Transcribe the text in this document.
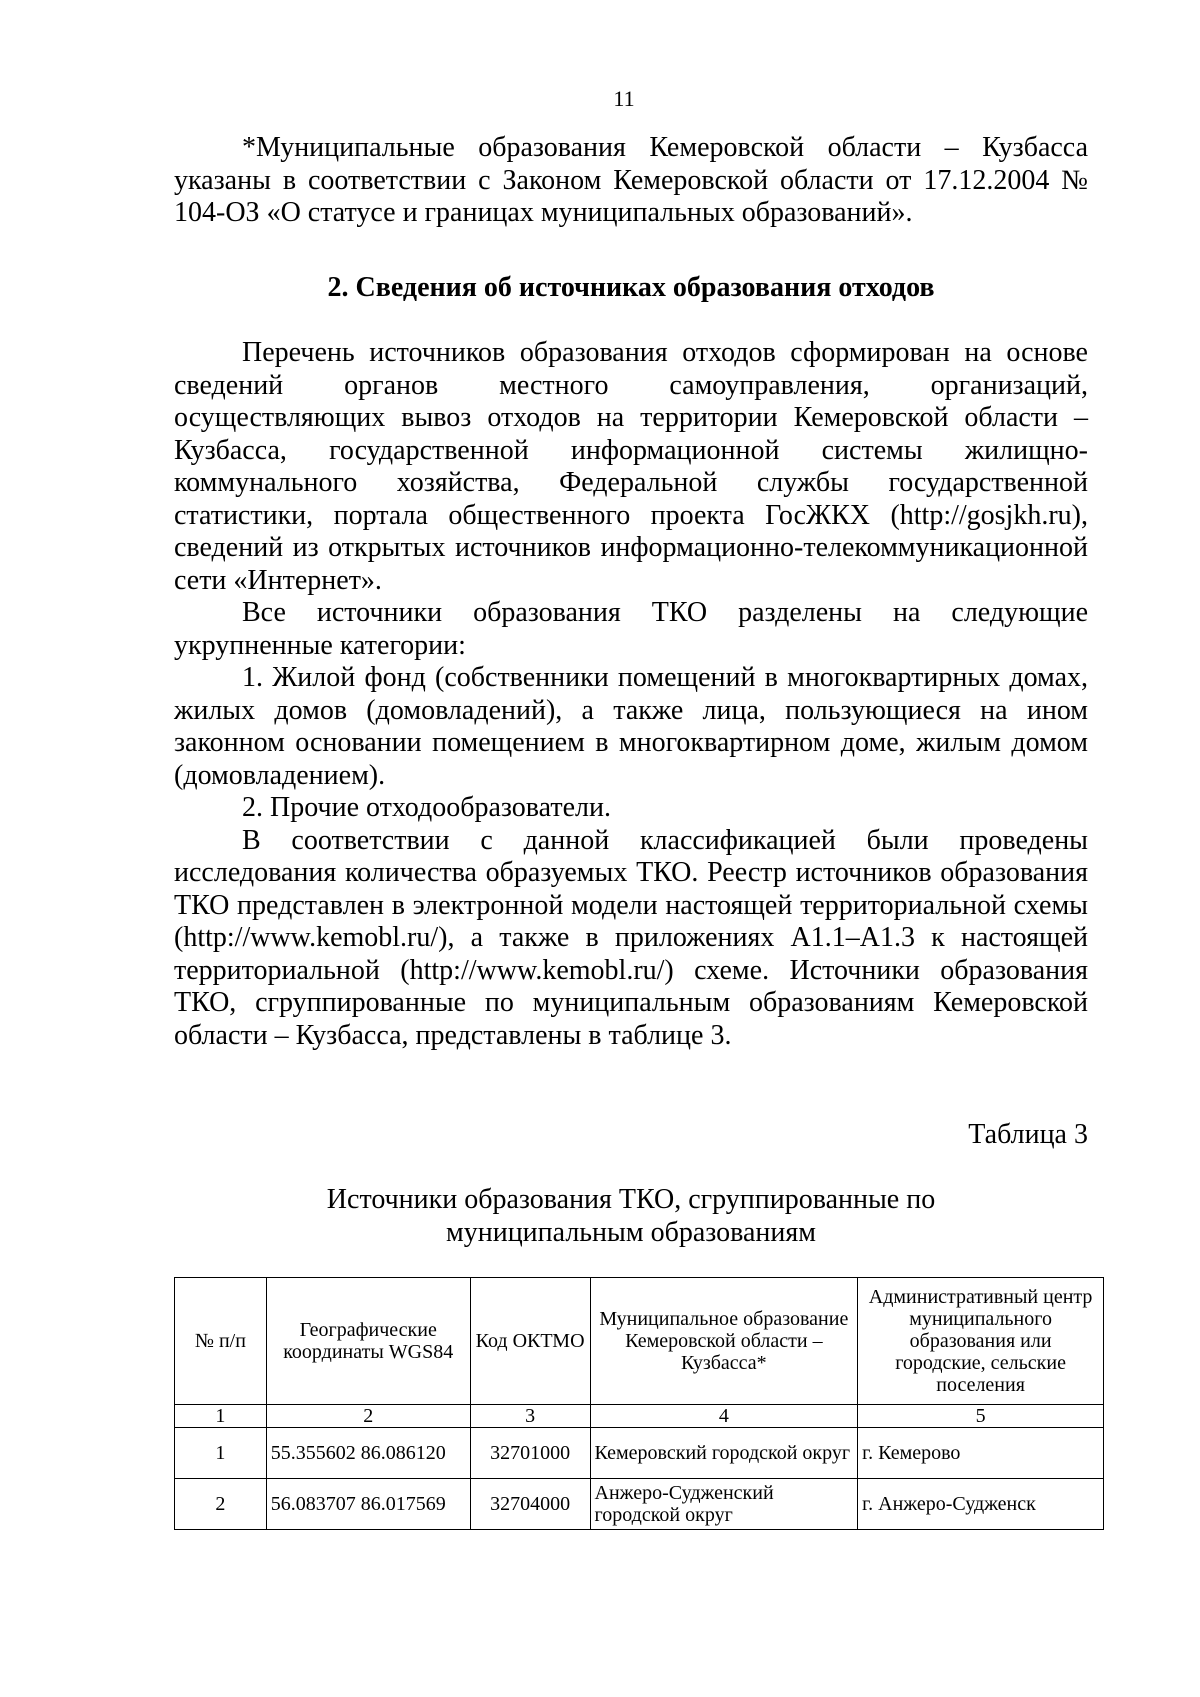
11

*Муниципальные образования Кемеровской области – Кузбасса указаны в соответствии с Законом Кемеровской области от 17.12.2004 № 104-ОЗ «О статусе и границах муниципальных образований».

2. Сведения об источниках образования отходов

Перечень источников образования отходов сформирован на основе сведений органов местного самоуправления, организаций, осуществляющих вывоз отходов на территории Кемеровской области – Кузбасса, государственной информационной системы жилищно-коммунального хозяйства, Федеральной службы государственной статистики, портала общественного проекта ГосЖКХ (http://gosjkh.ru), сведений из открытых источников информационно-телекоммуникационной сети «Интернет».

Все источники образования ТКО разделены на следующие укрупненные категории:

1. Жилой фонд (собственники помещений в многоквартирных домах, жилых домов (домовладений), а также лица, пользующиеся на ином законном основании помещением в многоквартирном доме, жилым домом (домовладением).

2. Прочие отходообразователи.

В соответствии с данной классификацией были проведены исследования количества образуемых ТКО. Реестр источников образования ТКО представлен в электронной модели настоящей территориальной схемы (http://www.kemobl.ru/), а также в приложениях А1.1–А1.3 к настоящей территориальной (http://www.kemobl.ru/) схеме. Источники образования ТКО, сгруппированные по муниципальным образованиям Кемеровской области – Кузбасса, представлены в таблице 3.

Таблица 3
Источники образования ТКО, сгруппированные по
муниципальным образованиям
№ п/п	Географические координаты WGS84	Код ОКТМО	Муниципальное образование Кемеровской области – Кузбасса*	Административный центр муниципального образования или городские, сельские поселения
1	2	3	4	5
1	55.355602 86.086120	32701000	Кемеровский городской округ	г. Кемерово
2	56.083707 86.017569	32704000	Анжеро-Судженский городской округ	г. Анжеро-Судженск
